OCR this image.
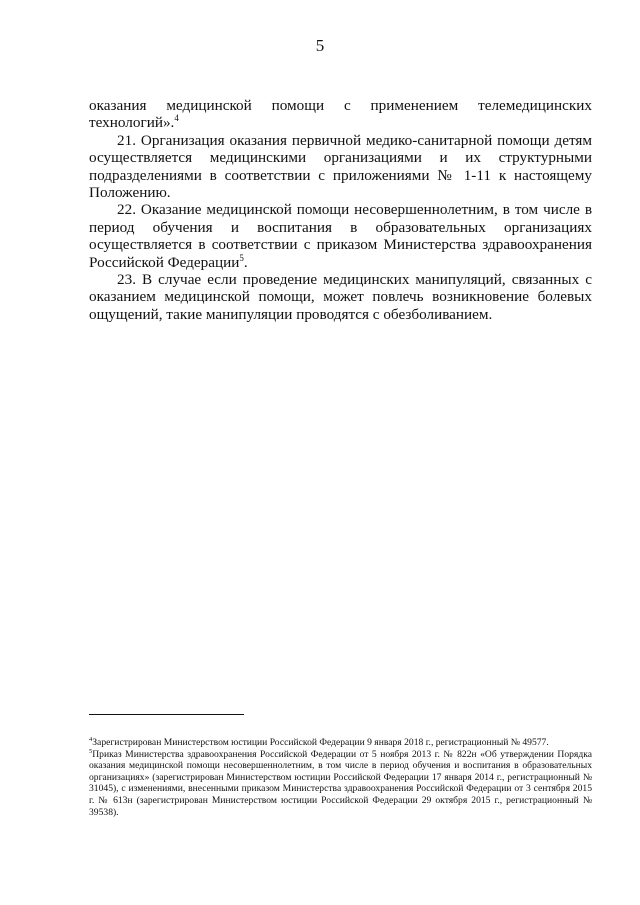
5

оказания медицинской помощи с применением телемедицинских технологий».$^4$

21. Организация оказания первичной медико-санитарной помощи детям осуществляется медицинскими организациями и их структурными подразделениями в соответствии с приложениями № 1-11 к настоящему Положению.

22. Оказание медицинской помощи несовершеннолетним, в том числе в период обучения и воспитания в образовательных организациях осуществляется в соответствии с приказом Министерства здравоохранения Российской Федерации$^5$.

23. В случае если проведение медицинских манипуляций, связанных с оказанием медицинской помощи, может повлечь возникновение болевых ощущений, такие манипуляции проводятся с обезболиванием.

$^4$Зарегистрирован Министерством юстиции Российской Федерации 9 января 2018 г., регистрационный № 49577.

$^5$Приказ Министерства здравоохранения Российской Федерации от 5 ноября 2013 г. № 822н «Об утверждении Порядка оказания медицинской помощи несовершеннолетним, в том числе в период обучения и воспитания в образовательных организациях» (зарегистрирован Министерством юстиции Российской Федерации 17 января 2014 г., регистрационный № 31045), с изменениями, внесенными приказом Министерства здравоохранения Российской Федерации от 3 сентября 2015 г. № 613н (зарегистрирован Министерством юстиции Российской Федерации 29 октября 2015 г., регистрационный № 39538).
